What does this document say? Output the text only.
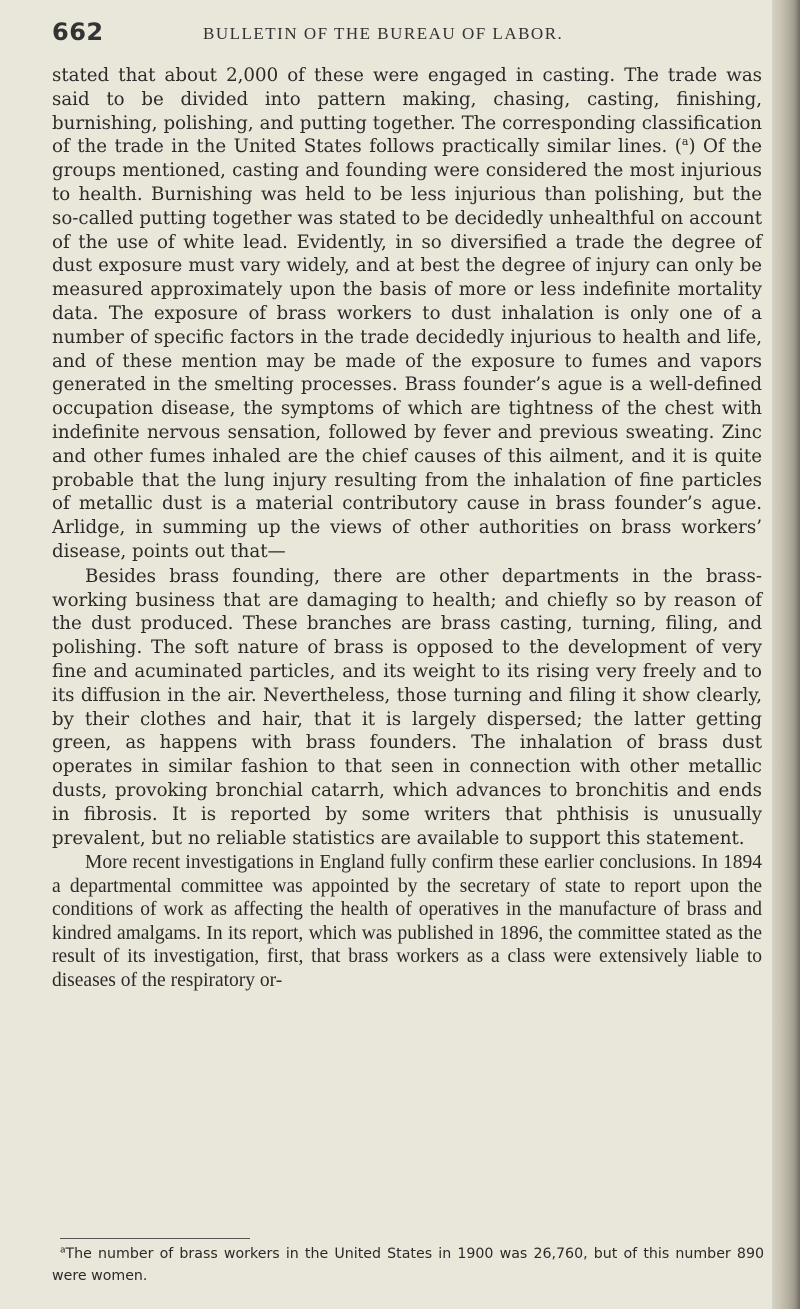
662	BULLETIN OF THE BUREAU OF LABOR.

stated that about 2,000 of these were engaged in casting. The trade was said to be divided into pattern making, chasing, casting, finishing, burnishing, polishing, and putting together. The corresponding classification of the trade in the United States follows practically similar lines. ($^a$) Of the groups mentioned, casting and founding were considered the most injurious to health. Burnishing was held to be less injurious than polishing, but the so-called putting together was stated to be decidedly unhealthful on account of the use of white lead. Evidently, in so diversified a trade the degree of dust exposure must vary widely, and at best the degree of injury can only be measured approximately upon the basis of more or less indefinite mortality data. The exposure of brass workers to dust inhalation is only one of a number of specific factors in the trade decidedly injurious to health and life, and of these mention may be made of the exposure to fumes and vapors generated in the smelting processes. Brass founder’s ague is a well-defined occupation disease, the symptoms of which are tightness of the chest with indefinite nervous sensation, followed by fever and previous sweating. Zinc and other fumes inhaled are the chief causes of this ailment, and it is quite probable that the lung injury resulting from the inhalation of fine particles of metallic dust is a material contributory cause in brass founder’s ague. Arlidge, in summing up the views of other authorities on brass workers’ disease, points out that—

Besides brass founding, there are other departments in the brass-working business that are damaging to health; and chiefly so by reason of the dust produced. These branches are brass casting, turning, filing, and polishing. The soft nature of brass is opposed to the development of very fine and acuminated particles, and its weight to its rising very freely and to its diffusion in the air. Nevertheless, those turning and filing it show clearly, by their clothes and hair, that it is largely dispersed; the latter getting green, as happens with brass founders. The inhalation of brass dust operates in similar fashion to that seen in connection with other metallic dusts, provoking bronchial catarrh, which advances to bronchitis and ends in fibrosis. It is reported by some writers that phthisis is unusually prevalent, but no reliable statistics are available to support this statement.

More recent investigations in England fully confirm these earlier conclusions. In 1894 a departmental committee was appointed by the secretary of state to report upon the conditions of work as affecting the health of operatives in the manufacture of brass and kindred amalgams. In its report, which was published in 1896, the committee stated as the result of its investigation, first, that brass workers as a class were extensively liable to diseases of the respiratory or-

$^a$The number of brass workers in the United States in 1900 was 26,760, but of this number 890 were women.
